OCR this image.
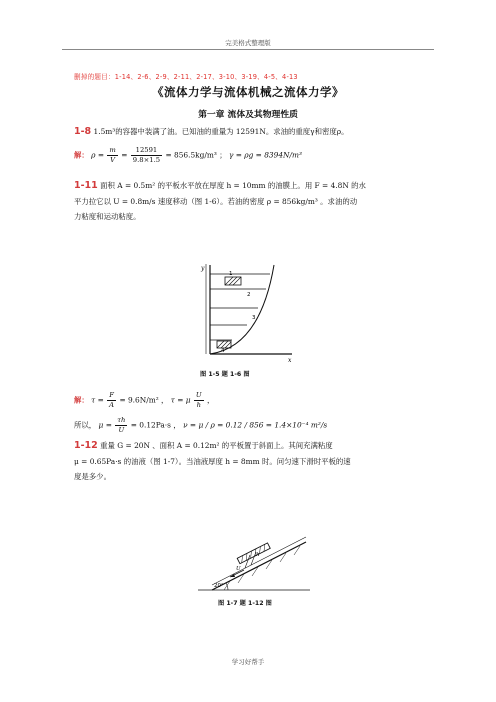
完美格式整理版
删掉的题目：1-14、2-6、2-9、2-11、2-17、3-10、3-19、4-5、4-13
《流体力学与流体机械之流体力学》
第一章 流体及其物理性质
1-8 1.5m³的容器中装满了油。已知油的重量为 12591N。求油的重度γ和密度ρ。
解： $\rho = \frac{m}{V} = \frac{12591}{9.8\times 1.5} = 856.5kg/m^3$ ； γ = ρg = 8394N/m³
1-11 面积 A = 0.5m² 的平板水平放在厚度 h = 10mm 的油膜上。用 F = 4.8N 的水
平力拉它以 U = 0.8m/s 速度移动（图 1-6）。若油的密度 ρ = 856kg/m³ 。求油的动
力粘度和运动粘度。
y
1
2
3
4
x
图 1-5 题 1-6 图
解： $\tau = \frac{F}{A} = 9.6N/m^2$ ， τ = μ $\frac{U}{h}$ ，
所以， $\mu = \frac{\tau h}{U} = 0.12Pa\cdot s$ ， ν = μ / ρ = 0.12 / 856 = 1.4×10⁻⁴ m²/s
1-12 重量 G = 20N 、面积 A = 0.12m² 的平板置于斜面上。其间充满粘度
μ = 0.65Pa·s 的油液（图 1-7）。当油液厚度 h = 8mm 时。问匀速下滑时平板的速
度是多少。
U
h
20°
图 1-7 题 1-12 图
学习好帮手
